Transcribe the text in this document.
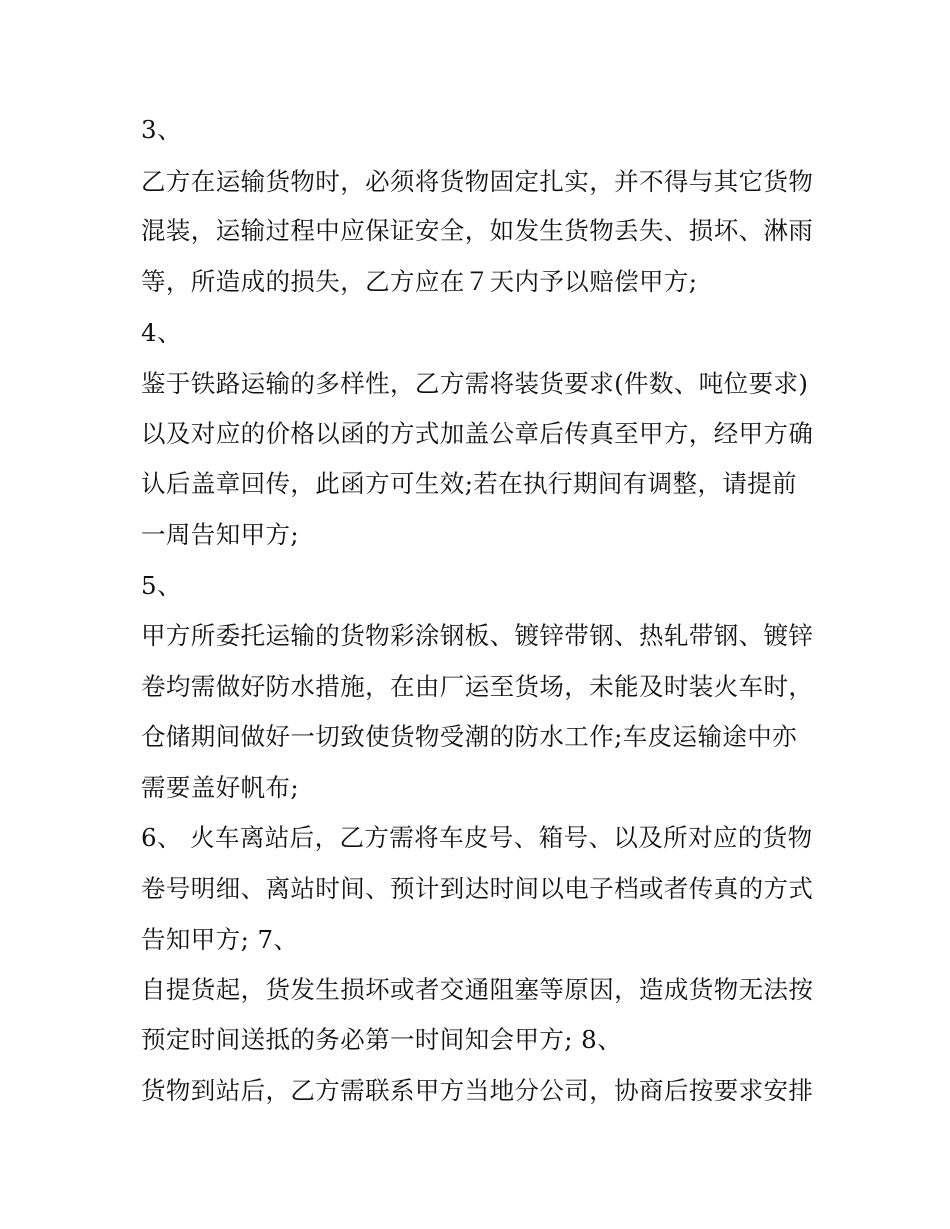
3、
乙方在运输货物时，必须将货物固定扎实，并不得与其它货物
混装，运输过程中应保证安全，如发生货物丢失、损坏、淋雨
等，所造成的损失，乙方应在７天内予以赔偿甲方;
4、
鉴于铁路运输的多样性，乙方需将装货要求(件数、吨位要求)
以及对应的价格以函的方式加盖公章后传真至甲方，经甲方确
认后盖章回传，此函方可生效;若在执行期间有调整，请提前
一周告知甲方;
5、
甲方所委托运输的货物彩涂钢板、镀锌带钢、热轧带钢、镀锌
卷均需做好防水措施，在由厂运至货场，未能及时装火车时，
仓储期间做好一切致使货物受潮的防水工作;车皮运输途中亦
需要盖好帆布;
6、 火车离站后，乙方需将车皮号、箱号、以及所对应的货物
卷号明细、离站时间、预计到达时间以电子档或者传真的方式
告知甲方; 7、
自提货起，货发生损坏或者交通阻塞等原因，造成货物无法按
预定时间送抵的务必第一时间知会甲方; 8、
货物到站后，乙方需联系甲方当地分公司，协商后按要求安排
